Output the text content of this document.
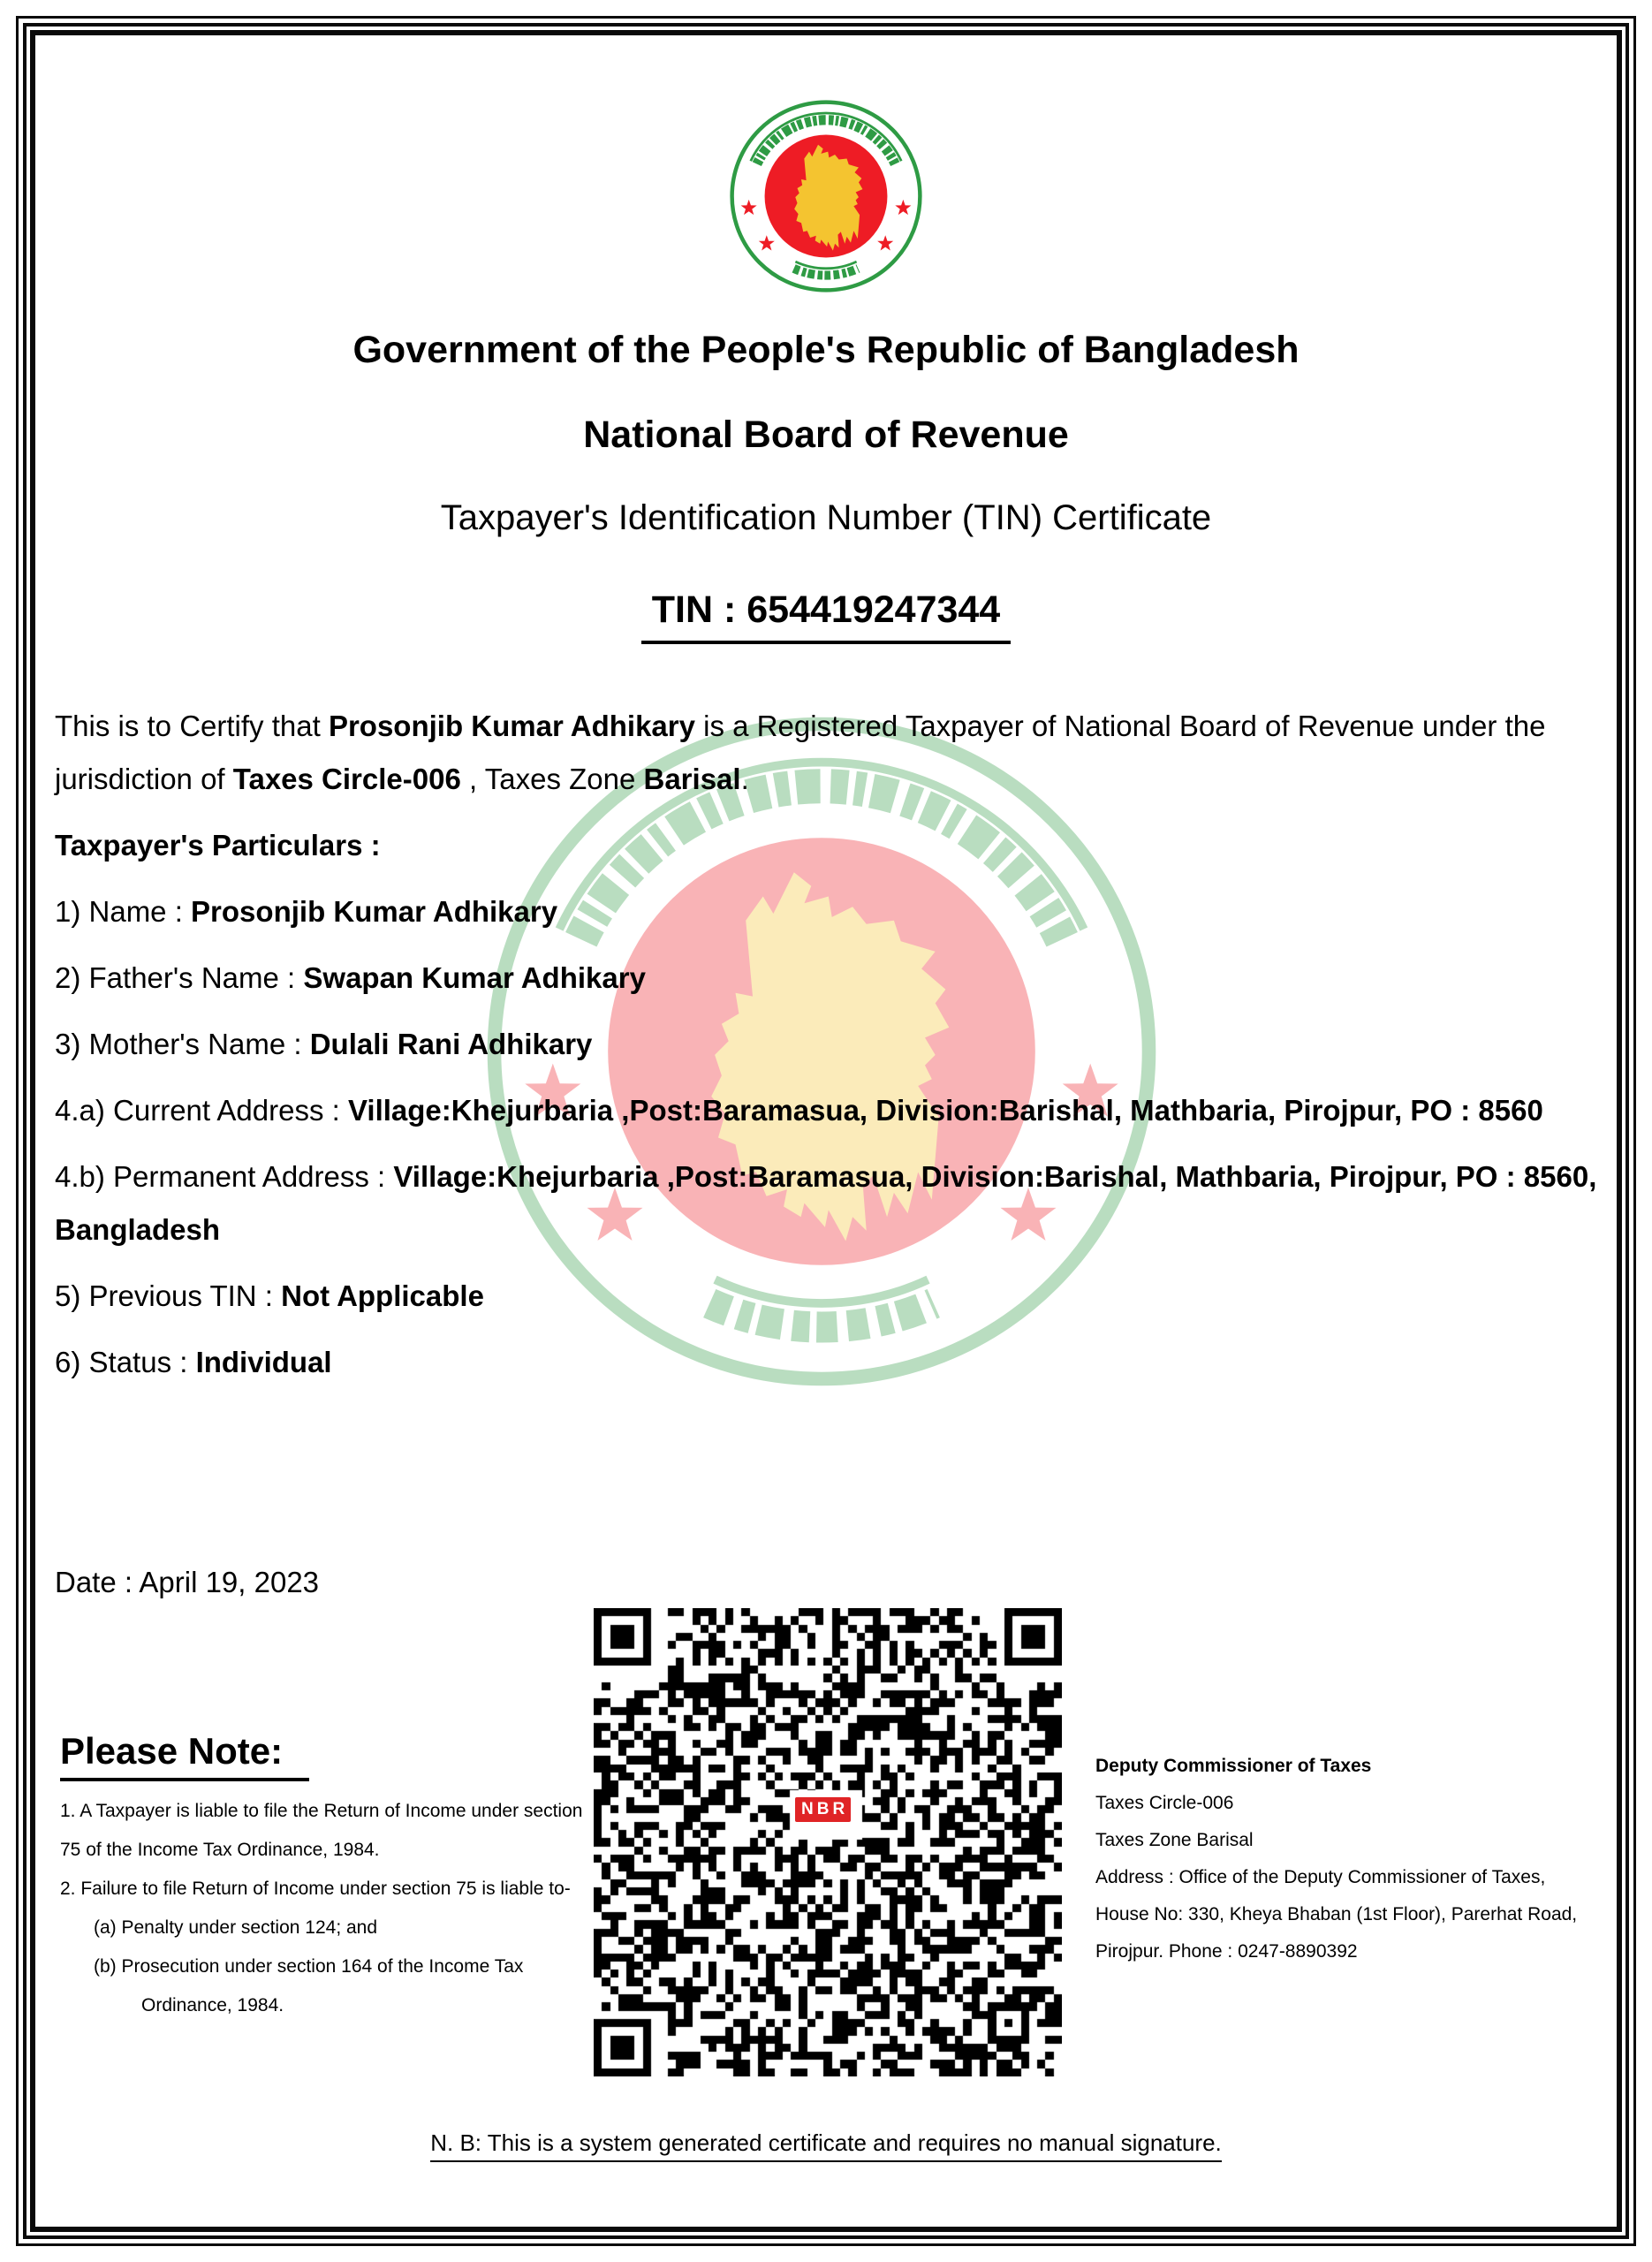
Government of the People's Republic of Bangladesh
National Board of Revenue
Taxpayer's Identification Number (TIN) Certificate
TIN : 654419247344

This is to Certify that Prosonjib Kumar Adhikary is a Registered Taxpayer of National Board of Revenue under the jurisdiction of Taxes Circle-006 , Taxes Zone Barisal.

Taxpayer's Particulars :

1) Name : Prosonjib Kumar Adhikary

2) Father's Name : Swapan Kumar Adhikary

3) Mother's Name : Dulali Rani Adhikary

4.a) Current Address : Village:Khejurbaria ,Post:Baramasua, Division:Barishal, Mathbaria, Pirojpur, PO : 8560

4.b) Permanent Address : Village:Khejurbaria ,Post:Baramasua, Division:Barishal, Mathbaria, Pirojpur, PO : 8560, Bangladesh

5) Previous TIN : Not Applicable

6) Status : Individual

Date : April 19, 2023
NBR
Please Note:
1. A Taxpayer is liable to file the Return of Income under section 75 of the Income Tax Ordinance, 1984.
2. Failure to file Return of Income under section 75 is liable to-
(a) Penalty under section 124; and
(b) Prosecution under section 164 of the Income Tax Ordinance, 1984.
Deputy Commissioner of Taxes
Taxes Circle-006
Taxes Zone Barisal
Address : Office of the Deputy Commissioner of Taxes,
House No: 330, Kheya Bhaban (1st Floor), Parerhat Road,
Pirojpur. Phone : 0247-8890392
N. B: This is a system generated certificate and requires no manual signature.
